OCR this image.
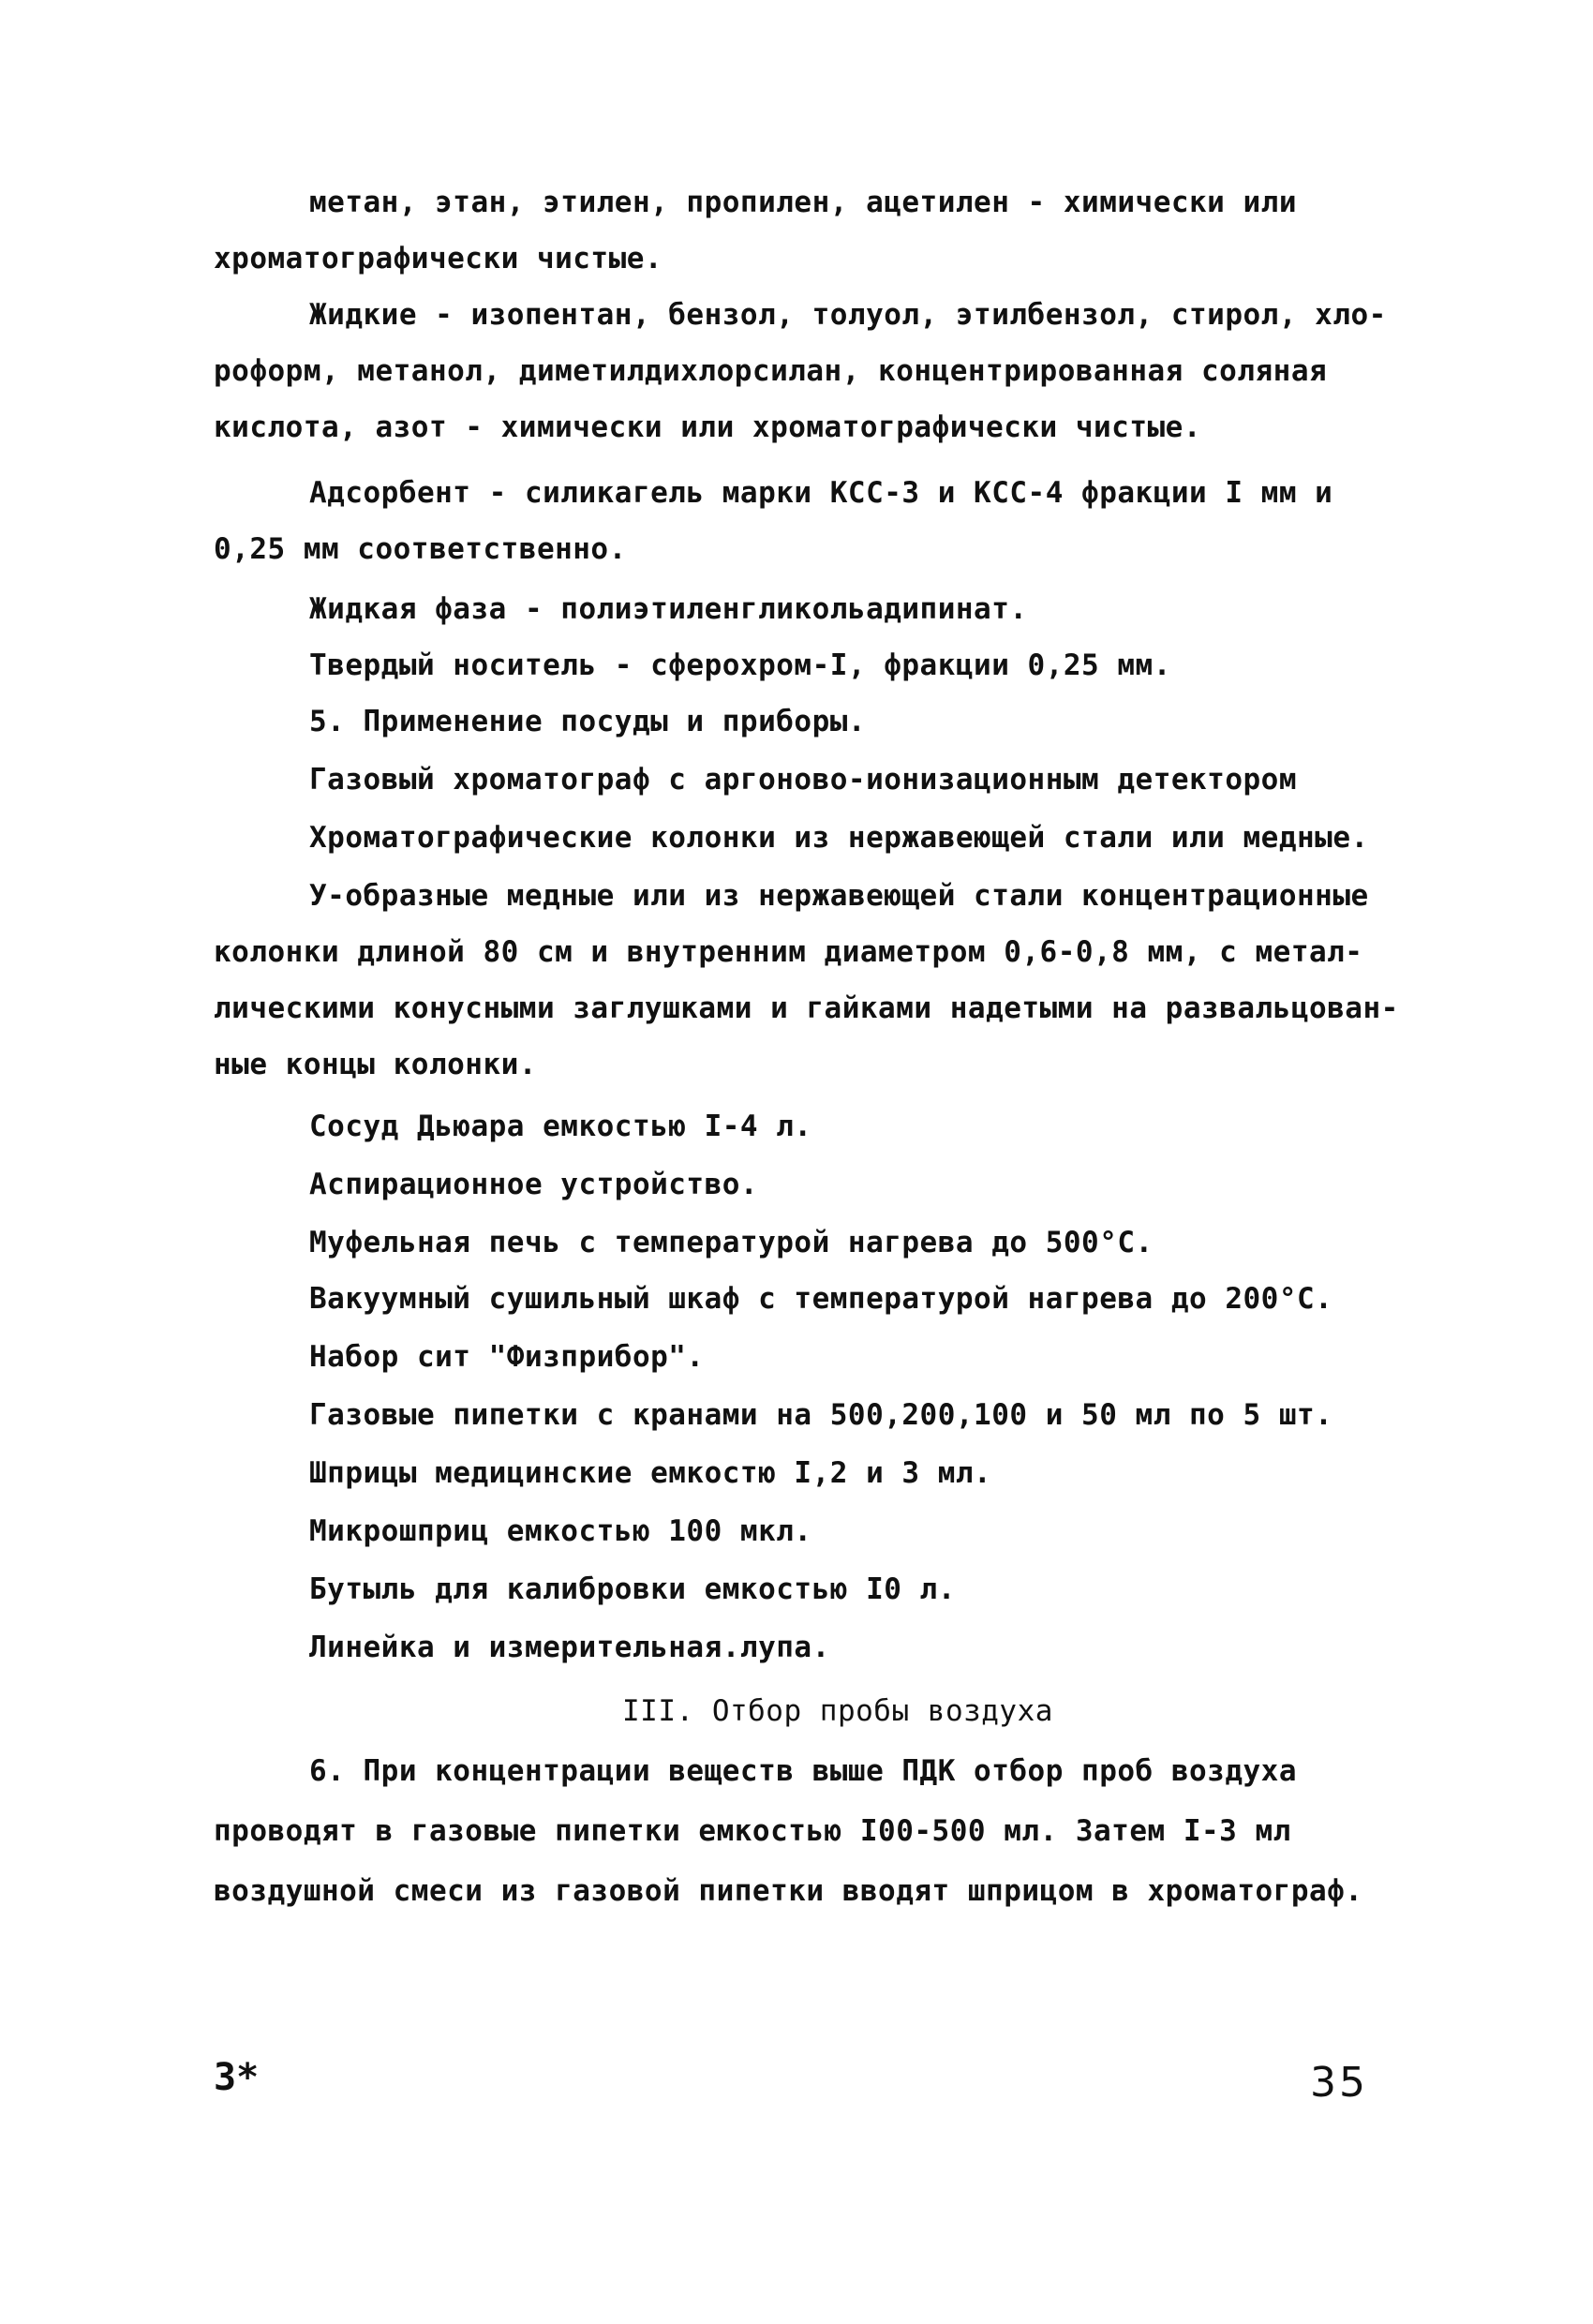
метан, этан, этилен, пропилен, ацетилен - химически или
хроматографически чистые.
Жидкие - изопентан, бензол, толуол, этилбензол, стирол, хло-
роформ, метанол, диметилдихлорсилан, концентрированная соляная
кислота, азот - химически или хроматографически чистые.
Адсорбент - силикагель марки КСС-3 и КСС-4 фракции I мм и
0,25 мм соответственно.
Жидкая фаза - полиэтиленгликольадипинат.
Твердый носитель - сферохром-I, фракции 0,25 мм.
5. Применение посуды и приборы.
Газовый хроматограф с аргоново-ионизационным детектором
Хроматографические колонки из нержавеющей стали или медные.
У-образные медные или из нержавеющей стали концентрационные
колонки длиной 80 см и внутренним диаметром 0,6-0,8 мм, с метал-
лическими конусными заглушками и гайками надетыми на развальцован-
ные концы колонки.
Сосуд Дьюара емкостью I-4 л.
Аспирационное устройство.
Муфельная печь с температурой нагрева до 500°С.
Вакуумный сушильный шкаф с температурой нагрева до 200°С.
Набор сит "Физприбор".
Газовые пипетки с кранами на 500,200,100 и 50 мл по 5 шт.
Шприцы медицинские емкостю I,2 и 3 мл.
Микрошприц емкостью 100 мкл.
Бутыль для калибровки емкостью I0 л.
Линейка и измерительная.лупа.
III. Отбор пробы воздуха
6. При концентрации веществ выше ПДК отбор проб воздуха
проводят в газовые пипетки емкостью I00-500 мл. Затем I-3 мл
воздушной смеси из газовой пипетки вводят шприцом в хроматограф.
3*	35
